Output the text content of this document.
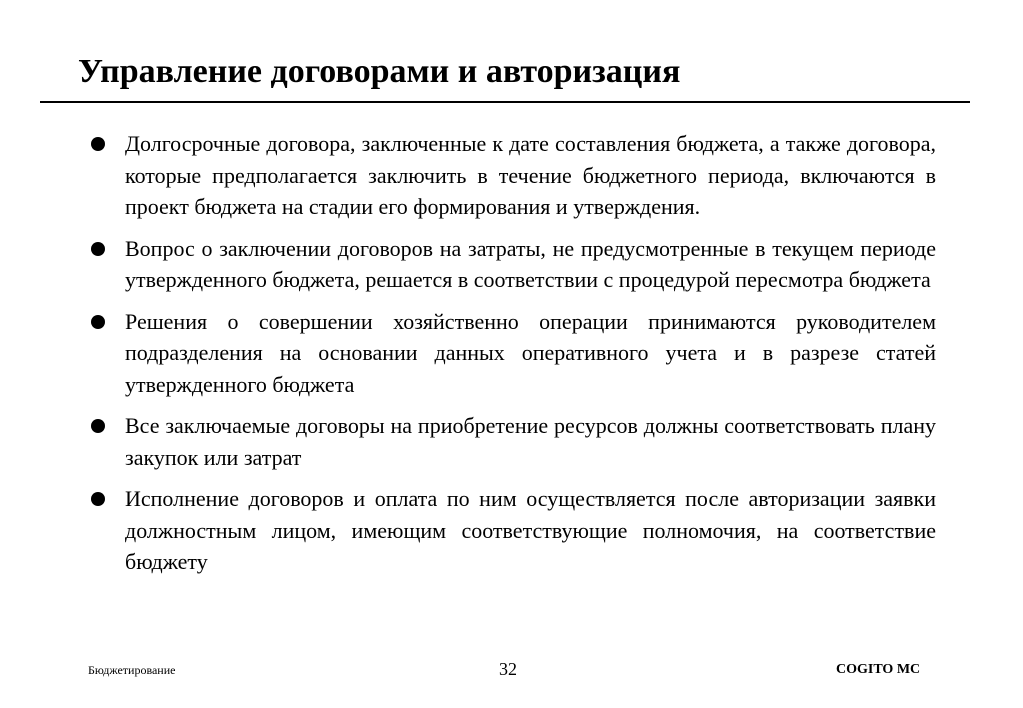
Управление договорами и авторизация
Долгосрочные договора, заключенные к дате составления бюджета, а также договора, которые предполагается заключить в течение бюджетного периода, включаются в проект бюджета на стадии его формирования и утверждения.
Вопрос о заключении договоров на затраты, не предусмотренные в текущем периоде утвержденного бюджета, решается в соответствии с процедурой пересмотра бюджета
Решения о совершении хозяйственно операции принимаются руководителем подразделения на основании данных оперативного учета и в разрезе статей утвержденного бюджета
Все заключаемые договоры на приобретение ресурсов должны соответствовать плану закупок или затрат
Исполнение договоров и оплата по ним осуществляется после авторизации заявки должностным лицом, имеющим соответствующие полномочия, на соответствие бюджету
Бюджетирование	32	COGITO MC
